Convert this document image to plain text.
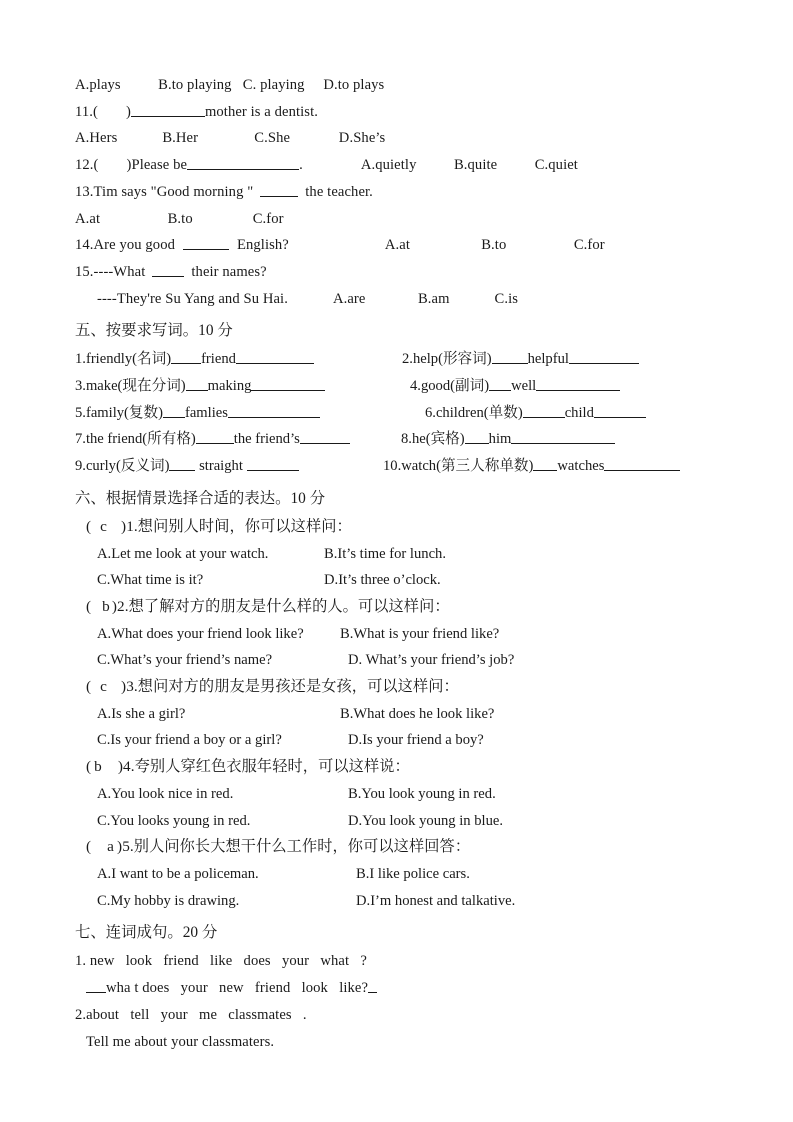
A.plays          B.to playing   C. playing     D.to plays
11.( )	mother is a dentist.
A.Hers            B.Her               C.She             D.She’s
12.( )Please be	.	A.quietly          B.quite          C.quiet
13.Tim says "Good morning "	the teacher.
A.at                  B.to                C.for
14.Are you good	English?	A.at                   B.to                  C.for
15.----What	their names?
----They're Su Yang and Su Hai.	A.are              B.am            C.is
五、按要求写词。10 分
1.friendly(名词) friend	2.help(形容词) helpful
3.make(现在分词) making	4.good(副词) well
5.family(复数) famlies	6.children(单数)	child
7.the friend(所有格)	the friend’s	8.he(宾格) him
9.curly(反义词) straight	10.watch(第三人称单数) watches
六、根据情景选择合适的表达。10 分
( c )1.想问别人时间，你可以这样问：
A.Let me look at your watch.	B.It’s time for lunch.
C.What time is it?	D.It’s three o’clock.
( b )2.想了解对方的朋友是什么样的人。可以这样问：
A.What does your friend look like?	B.What is your friend like?
C.What’s your friend’s name?	D. What’s your friend’s job?
( c )3.想问对方的朋友是男孩还是女孩，可以这样问：
A.Is she a girl?	B.What does he look like?
C.Is your friend a boy or a girl?	D.Is your friend a boy?
( b )4.夸别人穿红色衣服年轻时，可以这样说：
A.You look nice in red.	B.You look young in red.
C.You looks young in red.	D.You look young in blue.
( a )5.别人问你长大想干什么工作时，你可以这样回答：
A.I want to be a policeman.	B.I like police cars.
C.My hobby is drawing.	D.I’m honest and talkative.
七、连词成句。20 分
1. new   look   friend   like   does   your   what   ?
wha t does   your   new   friend   look   like?
2.about   tell   your   me   classmates   .
Tell me about your classmaters.
